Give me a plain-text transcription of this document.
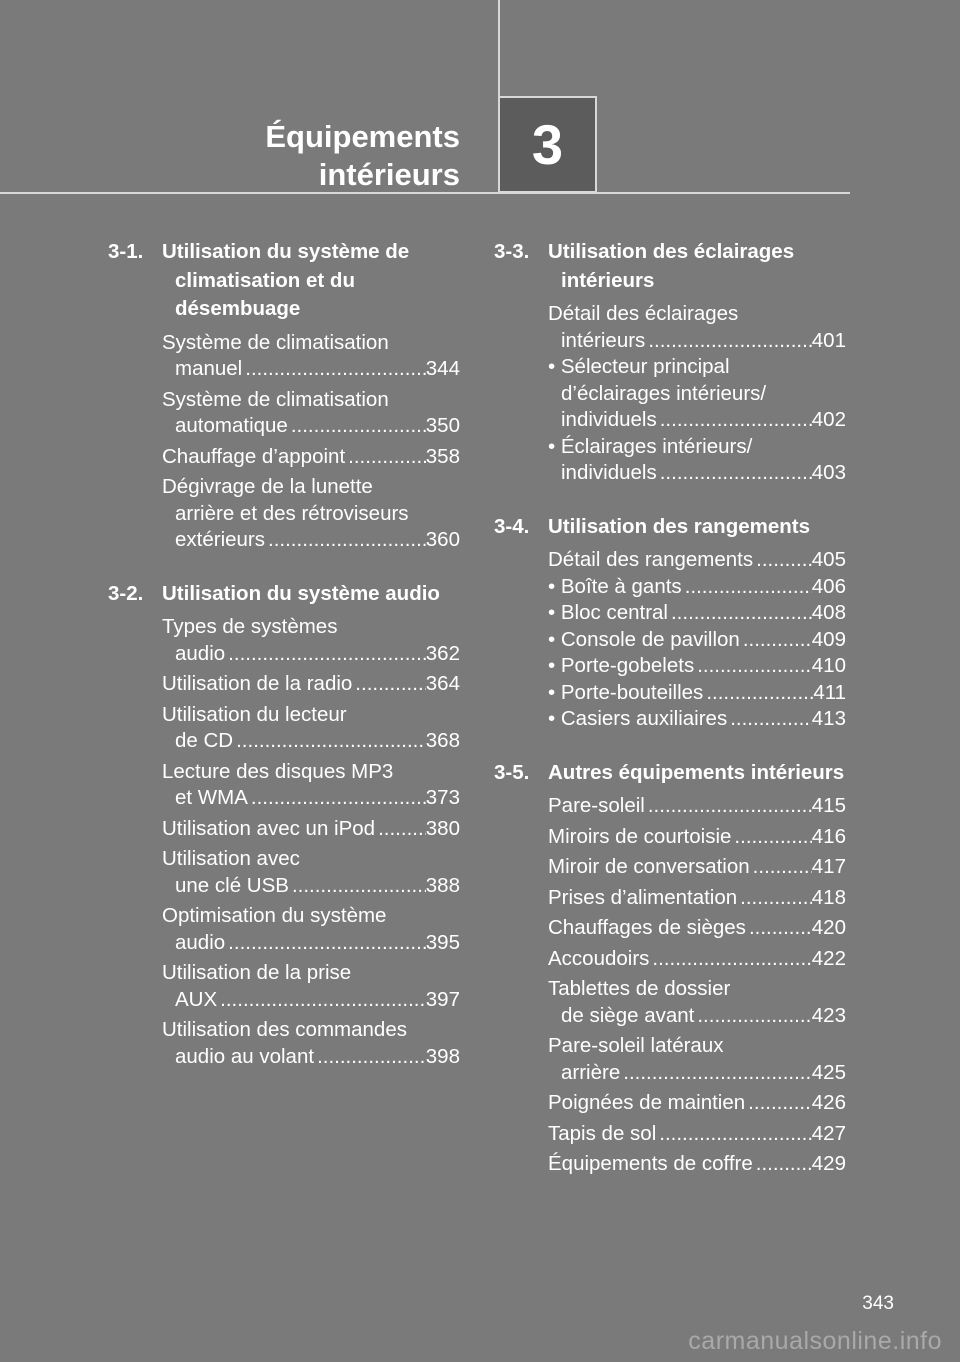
Équipements
intérieurs 3
3-1. Utilisation du système de climatisation et du désembuage
Système de climatisation
manuel .....	344
Système de climatisation
automatique .....	350
Chauffage d’appoint .....	358
Dégivrage de la lunette
arrière et des rétroviseurs
extérieurs .....	360
3-2. Utilisation du système audio
Types de systèmes
audio .....	362
Utilisation de la radio .....	364
Utilisation du lecteur
de CD .....	368
Lecture des disques MP3
et WMA .....	373
Utilisation avec un iPod ..... 380
Utilisation avec
une clé USB .....	388
Optimisation du système
audio .....	395
Utilisation de la prise
AUX .....	397
Utilisation des commandes
audio au volant .....	398
3-3. Utilisation des éclairages intérieurs
Détail des éclairages
intérieurs .....	401
• Sélecteur principal
d’éclairages intérieurs/
individuels .....	402
• Éclairages intérieurs/
individuels .....	403
3-4. Utilisation des rangements
Détail des rangements .....	405
• Boîte à gants .....	406
• Bloc central .....	408
• Console de pavillon .....	409
• Porte-gobelets .....	410
• Porte-bouteilles .....	411
• Casiers auxiliaires .....	413
3-5. Autres équipements intérieurs
Pare-soleil .....	415
Miroirs de courtoisie .....	416
Miroir de conversation .....	417
Prises d’alimentation .....	418
Chauffages de sièges .....	420
Accoudoirs .....	422
Tablettes de dossier
de siège avant .....	423
Pare-soleil latéraux
arrière .....	425
Poignées de maintien .....	426
Tapis de sol .....	427
Équipements de coffre .....	429
343
carmanualsonline.info
